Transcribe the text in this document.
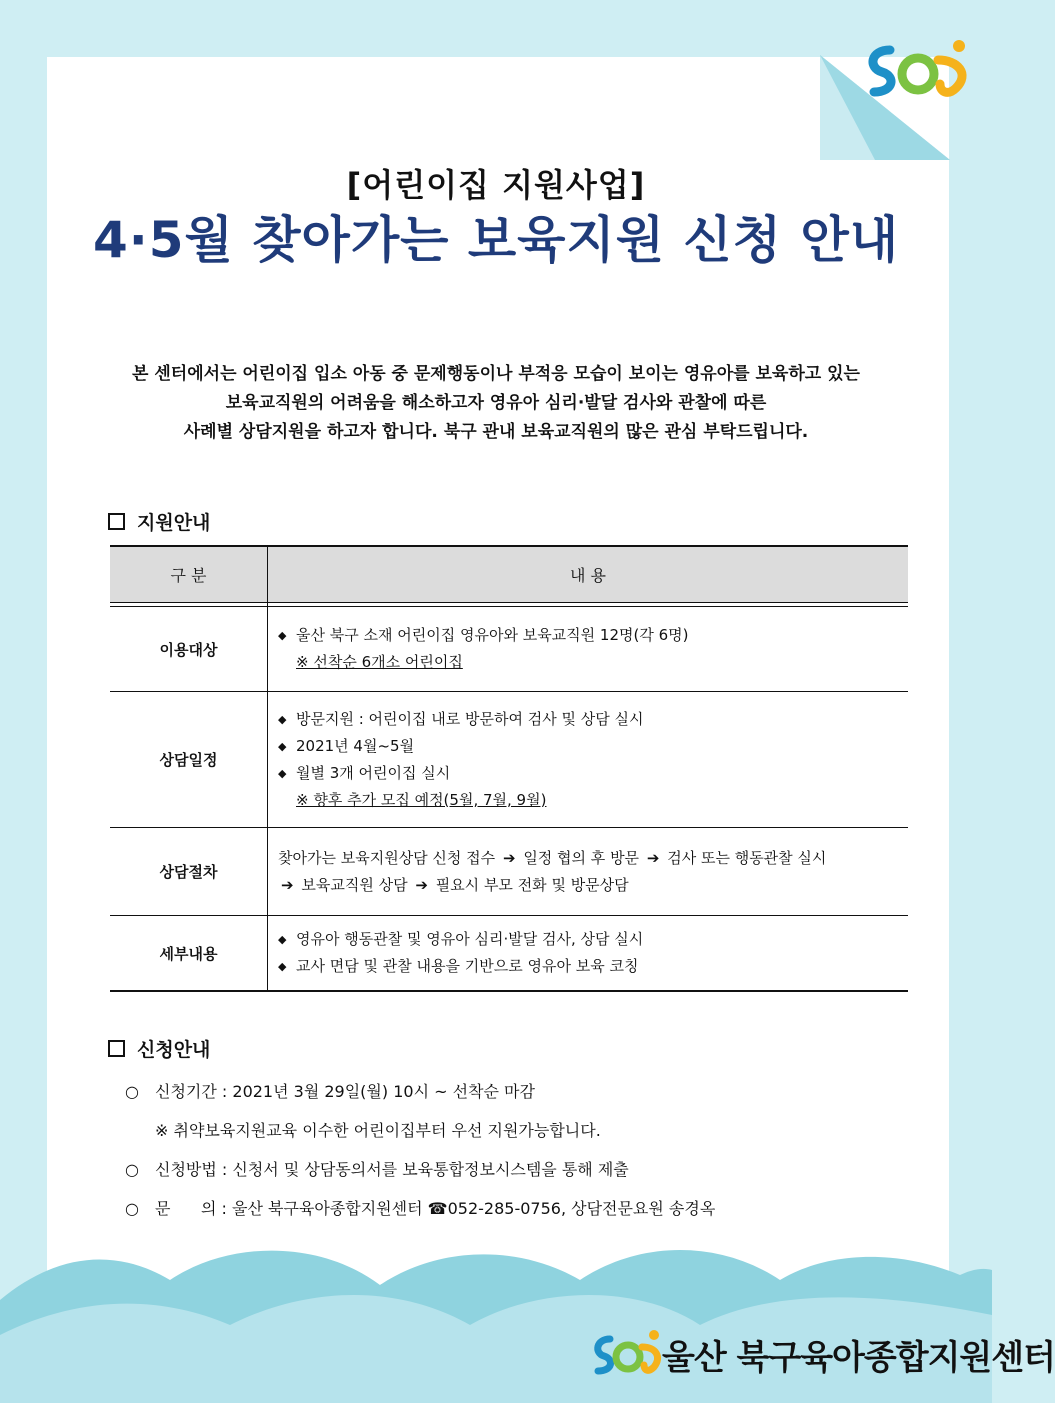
[어린이집 지원사업]
4·5월 찾아가는 보육지원 신청 안내
본 센터에서는 어린이집 입소 아동 중 문제행동이나 부적응 모습이 보이는 영유아를 보육하고 있는
보육교직원의 어려움을 해소하고자 영유아 심리·발달 검사와 관찰에 따른
사례별 상담지원을 하고자 합니다. 북구 관내 보육교직원의 많은 관심 부탁드립니다.
지원안내
구 분	내 용

이용대상	◆ 울산 북구 소재 어린이집 영유아와 보육교직원 12명(각 6명)
※ 선착순 6개소 어린이집

상담일정	◆ 방문지원 : 어린이집 내로 방문하여 검사 및 상담 실시
◆ 2021년 4월~5월
◆ 월별 3개 어린이집 실시
※ 향후 추가 모집 예정(5월, 7월, 9월)

상담절차	찾아가는 보육지원상담 신청 접수 ➔ 일정 협의 후 방문 ➔ 검사 또는 행동관찰 실시
➔ 보육교직원 상담 ➔ 필요시 부모 전화 및 방문상담

세부내용	◆ 영유아 행동관찰 및 영유아 심리·발달 검사, 상담 실시
◆ 교사 면담 및 관찰 내용을 기반으로 영유아 보육 코칭
신청안내
○ 신청기간 : 2021년 3월 29일(월) 10시 ~ 선착순 마감
※ 취약보육지원교육 이수한 어린이집부터 우선 지원가능합니다.
○ 신청방법 : 신청서 및 상담동의서를 보육통합정보시스템을 통해 제출
○ 문      의 : 울산 북구육아종합지원센터 ☎052-285-0756, 상담전문요원 송경옥
울산 북구육아종합지원센터
